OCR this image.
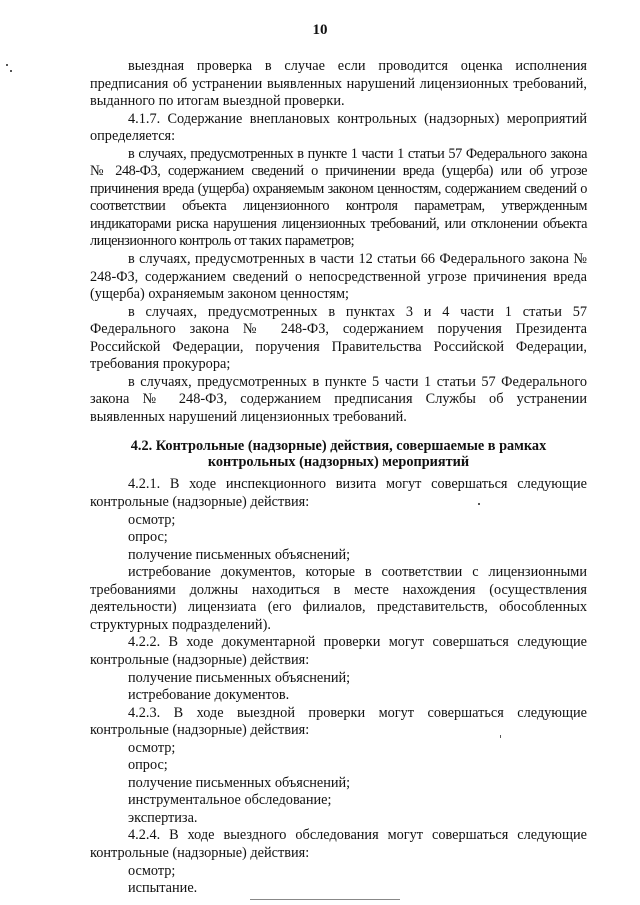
10

выездная проверка в случае если проводится оценка исполнения предписания об устранении выявленных нарушений лицензионных требований, выданного по итогам выездной проверки.

4.1.7. Содержание внеплановых контрольных (надзорных) мероприятий определяется:

в случаях, предусмотренных в пункте 1 части 1 статьи 57 Федерального закона № 248-ФЗ, содержанием сведений о причинении вреда (ущерба) или об угрозе причинения вреда (ущерба) охраняемым законом ценностям, содержанием сведений о соответствии объекта лицензионного контроля параметрам, утвержденным индикаторами риска нарушения лицензионных требований, или отклонении объекта лицензионного контроль от таких параметров;

в случаях, предусмотренных в части 12 статьи 66 Федерального закона № 248-ФЗ, содержанием сведений о непосредственной угрозе причинения вреда (ущерба) охраняемым законом ценностям;

в случаях, предусмотренных в пунктах 3 и 4 части 1 статьи 57 Федерального закона № 248-ФЗ, содержанием поручения Президента Российской Федерации, поручения Правительства Российской Федерации, требования прокурора;

в случаях, предусмотренных в пункте 5 части 1 статьи 57 Федерального закона № 248-ФЗ, содержанием предписания Службы об устранении выявленных нарушений лицензионных требований.

4.2. Контрольные (надзорные) действия, совершаемые в рамках
контрольных (надзорных) мероприятий

4.2.1. В ходе инспекционного визита могут совершаться следующие контрольные (надзорные) действия:

осмотр;

опрос;

получение письменных объяснений;

истребование документов, которые в соответствии с лицензионными требованиями должны находиться в месте нахождения (осуществления деятельности) лицензиата (его филиалов, представительств, обособленных структурных подразделений).

4.2.2. В ходе документарной проверки могут совершаться следующие контрольные (надзорные) действия:

получение письменных объяснений;

истребование документов.

4.2.3. В ходе выездной проверки могут совершаться следующие контрольные (надзорные) действия:

осмотр;

опрос;

получение письменных объяснений;

инструментальное обследование;

экспертиза.

4.2.4. В ходе выездного обследования могут совершаться следующие контрольные (надзорные) действия:

осмотр;

испытание.
